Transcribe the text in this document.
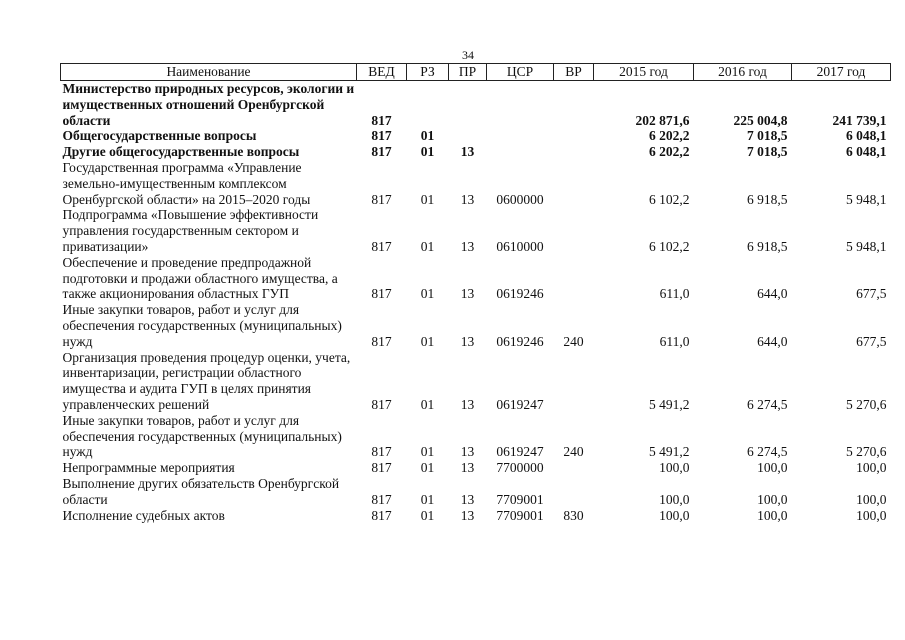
34
Наименование	ВЕД	РЗ	ПР	ЦСР	ВР	2015 год	2016 год	2017 год
Министерство природных ресурсов, экологии и имущественных отношений Оренбургской области	817					202 871,6	225 004,8	241 739,1
Общегосударственные вопросы	817	01				6 202,2	7 018,5	6 048,1
Другие общегосударственные вопросы	817	01	13			6 202,2	7 018,5	6 048,1
Государственная программа «Управление земельно-имущественным комплексом Оренбургской области» на 2015–2020 годы	817	01	13	0600000		6 102,2	6 918,5	5 948,1
Подпрограмма «Повышение эффективности управления государственным сектором и приватизации»	817	01	13	0610000		6 102,2	6 918,5	5 948,1
Обеспечение и проведение предпродажной подготовки и продажи областного имущества, а также акционирования областных ГУП	817	01	13	0619246		611,0	644,0	677,5
Иные закупки товаров, работ и услуг для обеспечения государственных (муниципальных) нужд	817	01	13	0619246	240	611,0	644,0	677,5
Организация проведения процедур оценки, учета, инвентаризации, регистрации областного имущества и аудита ГУП в целях принятия управленческих решений	817	01	13	0619247		5 491,2	6 274,5	5 270,6
Иные закупки товаров, работ и услуг для обеспечения государственных (муниципальных) нужд	817	01	13	0619247	240	5 491,2	6 274,5	5 270,6
Непрограммные мероприятия	817	01	13	7700000		100,0	100,0	100,0
Выполнение других обязательств Оренбургской области	817	01	13	7709001		100,0	100,0	100,0
Исполнение судебных актов	817	01	13	7709001	830	100,0	100,0	100,0
